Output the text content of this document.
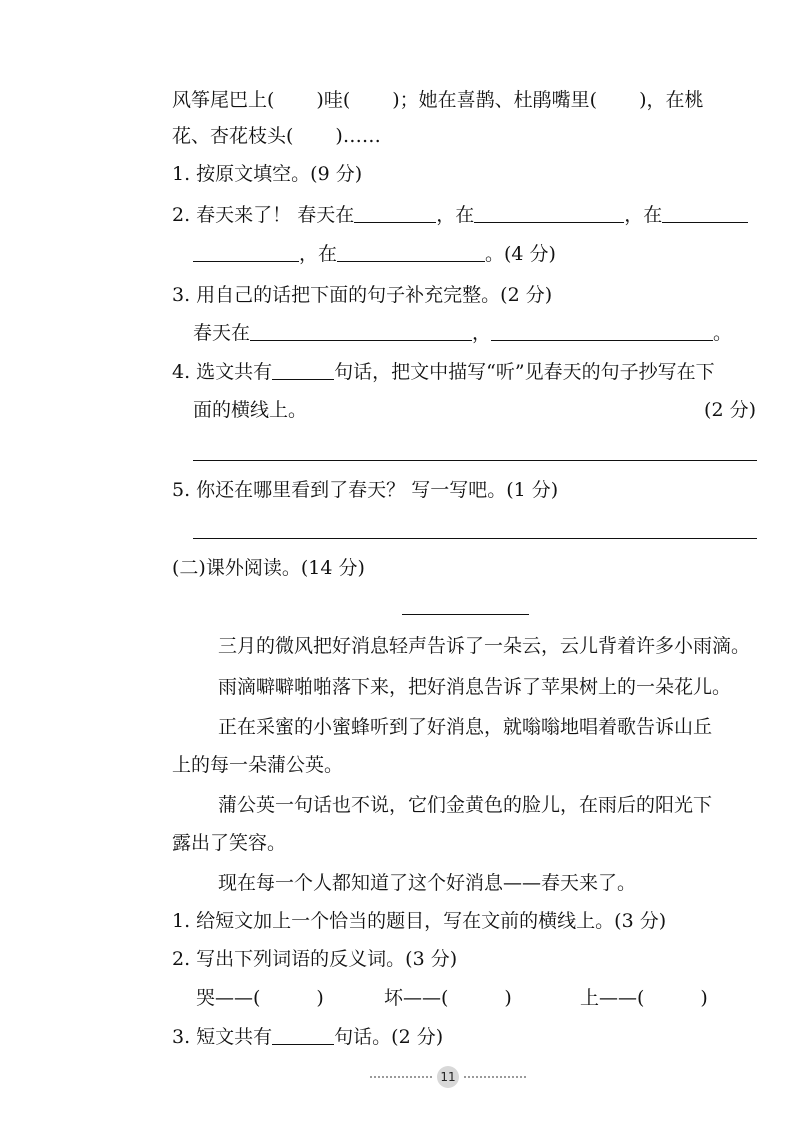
风筝尾巴上( )哇( )；她在喜鹊、杜鹃嘴里( )，在桃
花、杏花枝头( )……
1. 按原文填空。(9 分)
2. 春天来了！ 春天在	，在	，在
，在	。(4 分)
3. 用自己的话把下面的句子补充完整。(2 分)
春天在	，	。
4. 选文共有	句话，把文中描写“听”见春天的句子抄写在下
面的横线上。	(2 分)
5. 你还在哪里看到了春天？ 写一写吧。(1 分)
(二)课外阅读。(14 分)
三月的微风把好消息轻声告诉了一朵云，云儿背着许多小雨滴。
雨滴噼噼啪啪落下来，把好消息告诉了苹果树上的一朵花儿。
正在采蜜的小蜜蜂听到了好消息，就嗡嗡地唱着歌告诉山丘
上的每一朵蒲公英。
蒲公英一句话也不说，它们金黄色的脸儿，在雨后的阳光下
露出了笑容。
现在每一个人都知道了这个好消息——春天来了。
1. 给短文加上一个恰当的题目，写在文前的横线上。(3 分)
2. 写出下列词语的反义词。(3 分)
哭——(	)	坏——(	)	上——(	)
3. 短文共有	句话。(2 分)
11
